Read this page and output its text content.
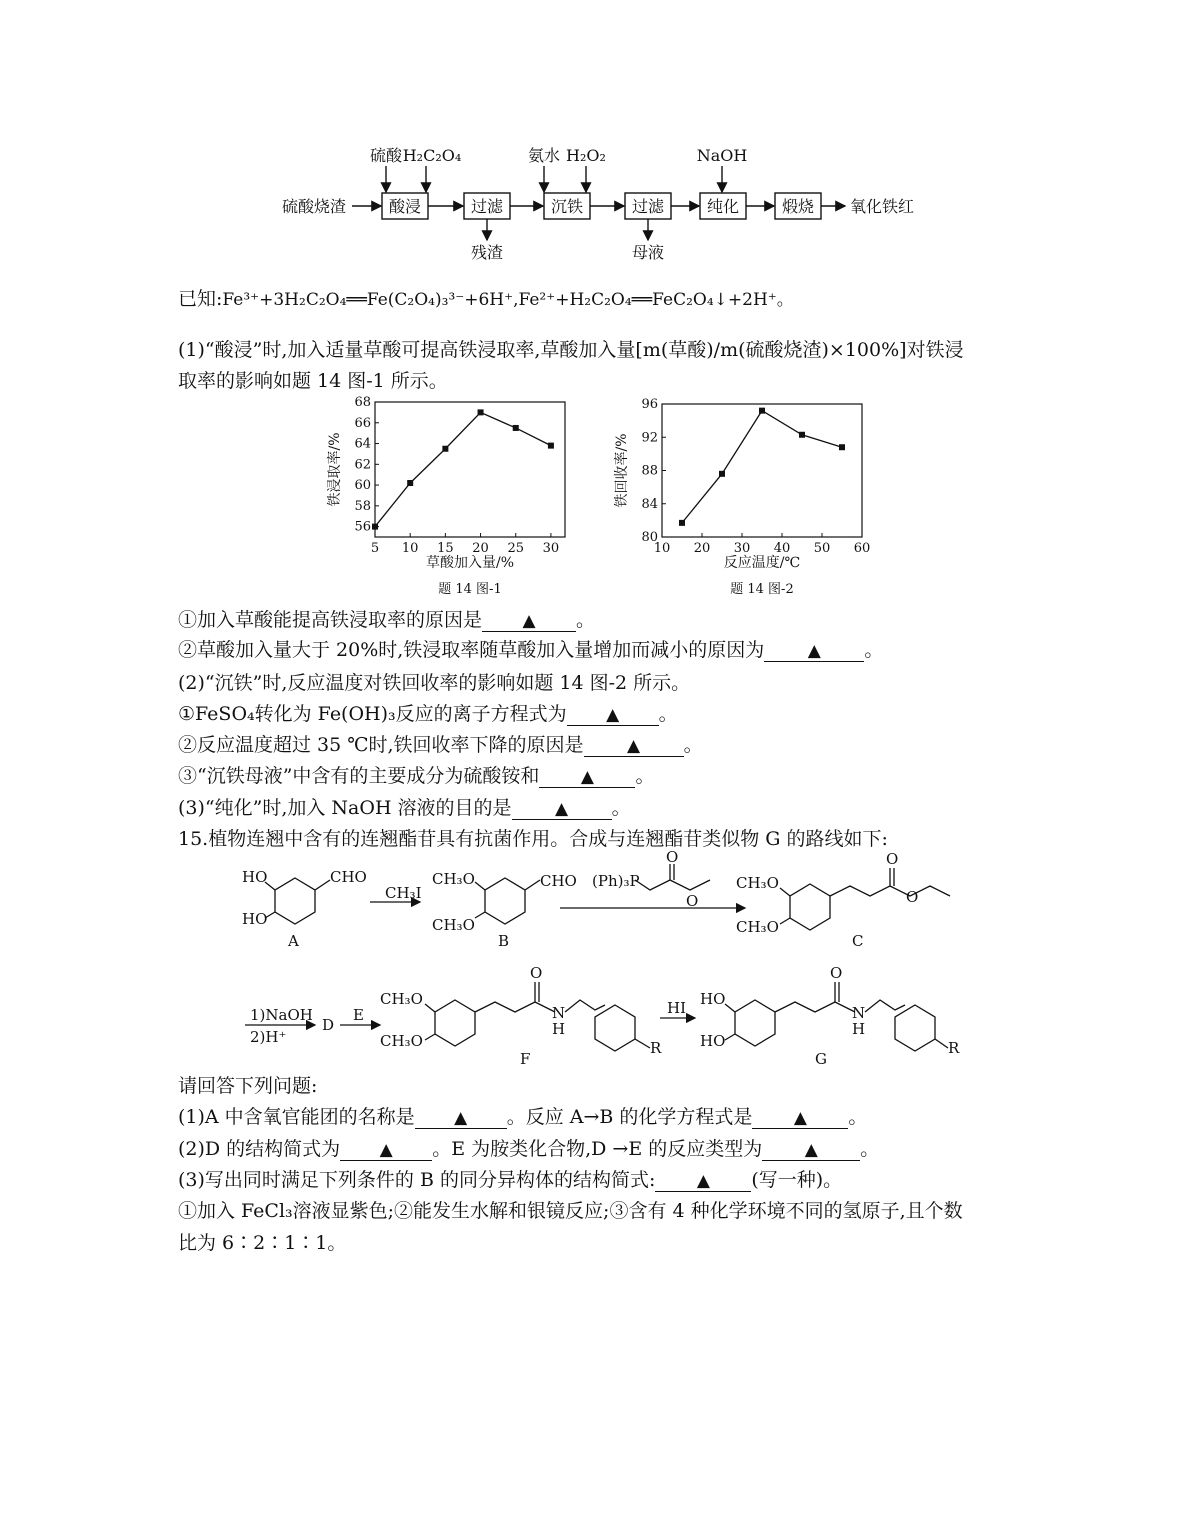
硫酸烧渣	酸浸	过滤	沉铁	过滤	纯化	煅烧 氧化铁红
硫酸 H₂C₂O₄	氨水 H₂O₂	NaOH
残渣	母液
已知:Fe³⁺+3H₂C₂O₄══Fe(C₂O₄)₃³⁻+6H⁺,Fe²⁺+H₂C₂O₄══FeC₂O₄↓+2H⁺。
(1)“酸浸”时,加入适量草酸可提高铁浸取率,草酸加入量[m(草酸)/m(硫酸烧渣)×100%]对铁浸
取率的影响如题 14 图-1 所示。
5 10 15 20 25 30
56
58
60
62
64
66
68
草酸加入量/%
铁浸取率/%
题 14 图-1
10 20 30 40 50 60
80
84
88
92
96
反应温度/℃
铁回收率/%
题 14 图-2
①加入草酸能提高铁浸取率的原因是 ▲ 。
②草酸加入量大于 20%时,铁浸取率随草酸加入量增加而减小的原因为	▲ 。
(2)“沉铁”时,反应温度对铁回收率的影响如题 14 图-2 所示。
①FeSO₄转化为 Fe(OH)₃反应的离子方程式为 ▲ 。
②反应温度超过 35 ℃时,铁回收率下降的原因是	▲ 。
③“沉铁母液”中含有的主要成分为硫酸铵和 ▲ 。
(3)“纯化”时,加入 NaOH 溶液的目的是	▲ 。
15.植物连翘中含有的连翘酯苷具有抗菌作用。合成与连翘酯苷类似物 G 的路线如下:
HO
HO
CHO
A
CH₃I
CH₃O
CH₃O
CHO
B
(Ph)₃P
O
O
CH₃O
CH₃O
O
O
C
1)NaOH
2)H⁺
D
E
CH₃O
CH₃O
O
N
H
R
F
HI HO
HO
O
N
H
R
G
请回答下列问题:
(1)A 中含氧官能团的名称是 ▲ 。反应 A→B 的化学方程式是 ▲ 。
(2)D 的结构简式为 ▲ 。E 为胺类化合物,D →E 的反应类型为 ▲ 。
(3)写出同时满足下列条件的 B 的同分异构体的结构简式: ▲ (写一种)。
①加入 FeCl₃溶液显紫色;②能发生水解和银镜反应;③含有 4 种化学环境不同的氢原子,且个数
比为 6∶2∶1∶1。
